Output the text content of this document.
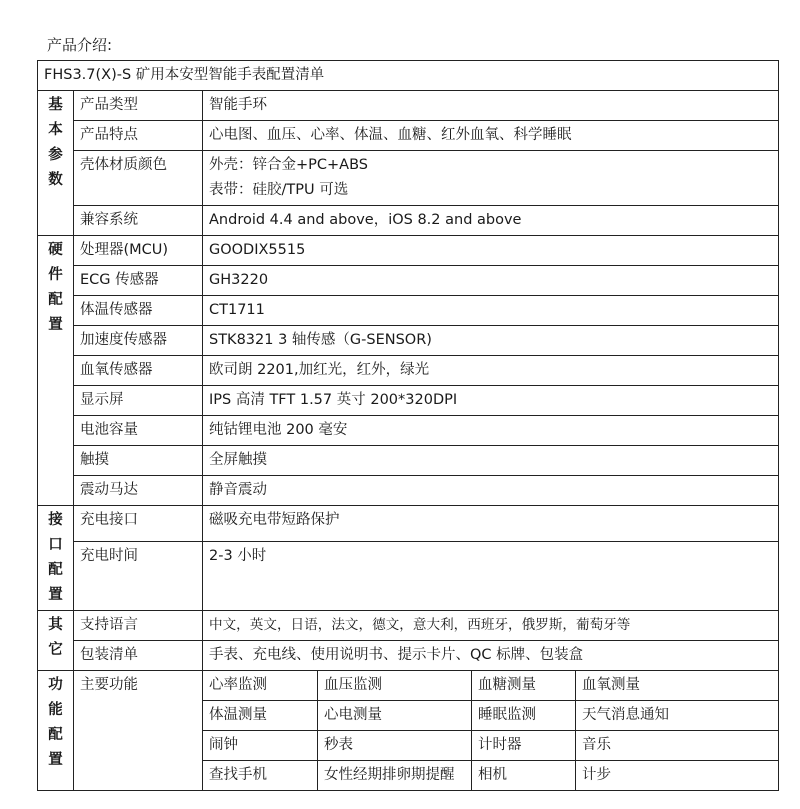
产品介绍:
FHS3.7(X)-S 矿用本安型智能手表配置清单					

基
本
参
数	产品类型	智能手环			
	产品特点	心电图、血压、心率、体温、血糖、红外血氧、科学睡眠			
	壳体材质颜色	外壳：锌合金+PC+ABS
表带：硅胶/TPU 可选			

	兼容系统	Android 4.4 and above，iOS 8.2 and above			

硬
件
配
置	处理器(MCU)	GOODIX5515			
	ECG 传感器	GH3220			
	体温传感器	CT1711			
	加速度传感器	STK8321 3 轴传感（G-SENSOR)			
	血氧传感器	欧司朗 2201,加红光，红外，绿光			
	显示屏	IPS 高清 TFT 1.57 英寸 200*320DPI			
	电池容量	纯钴锂电池 200 毫安			
	触摸	全屏触摸			
	震动马达	静音震动			

接
口
配
置	充电接口	磁吸充电带短路保护			
	充电时间	2-3 小时			

其
它	支持语言	中文，英文，日语，法文，德文，意大利，西班牙，俄罗斯，葡萄牙等			
	包装清单	手表、充电线、使用说明书、提示卡片、QC 标牌、包装盒			

功
能
配
置	主要功能	心率监测	血压监测	血糖测量	血氧测量
		体温测量	心电测量	睡眠监测	天气消息通知
		闹钟	秒表	计时器	音乐
		查找手机	女性经期排卵期提醒	相机	计步
